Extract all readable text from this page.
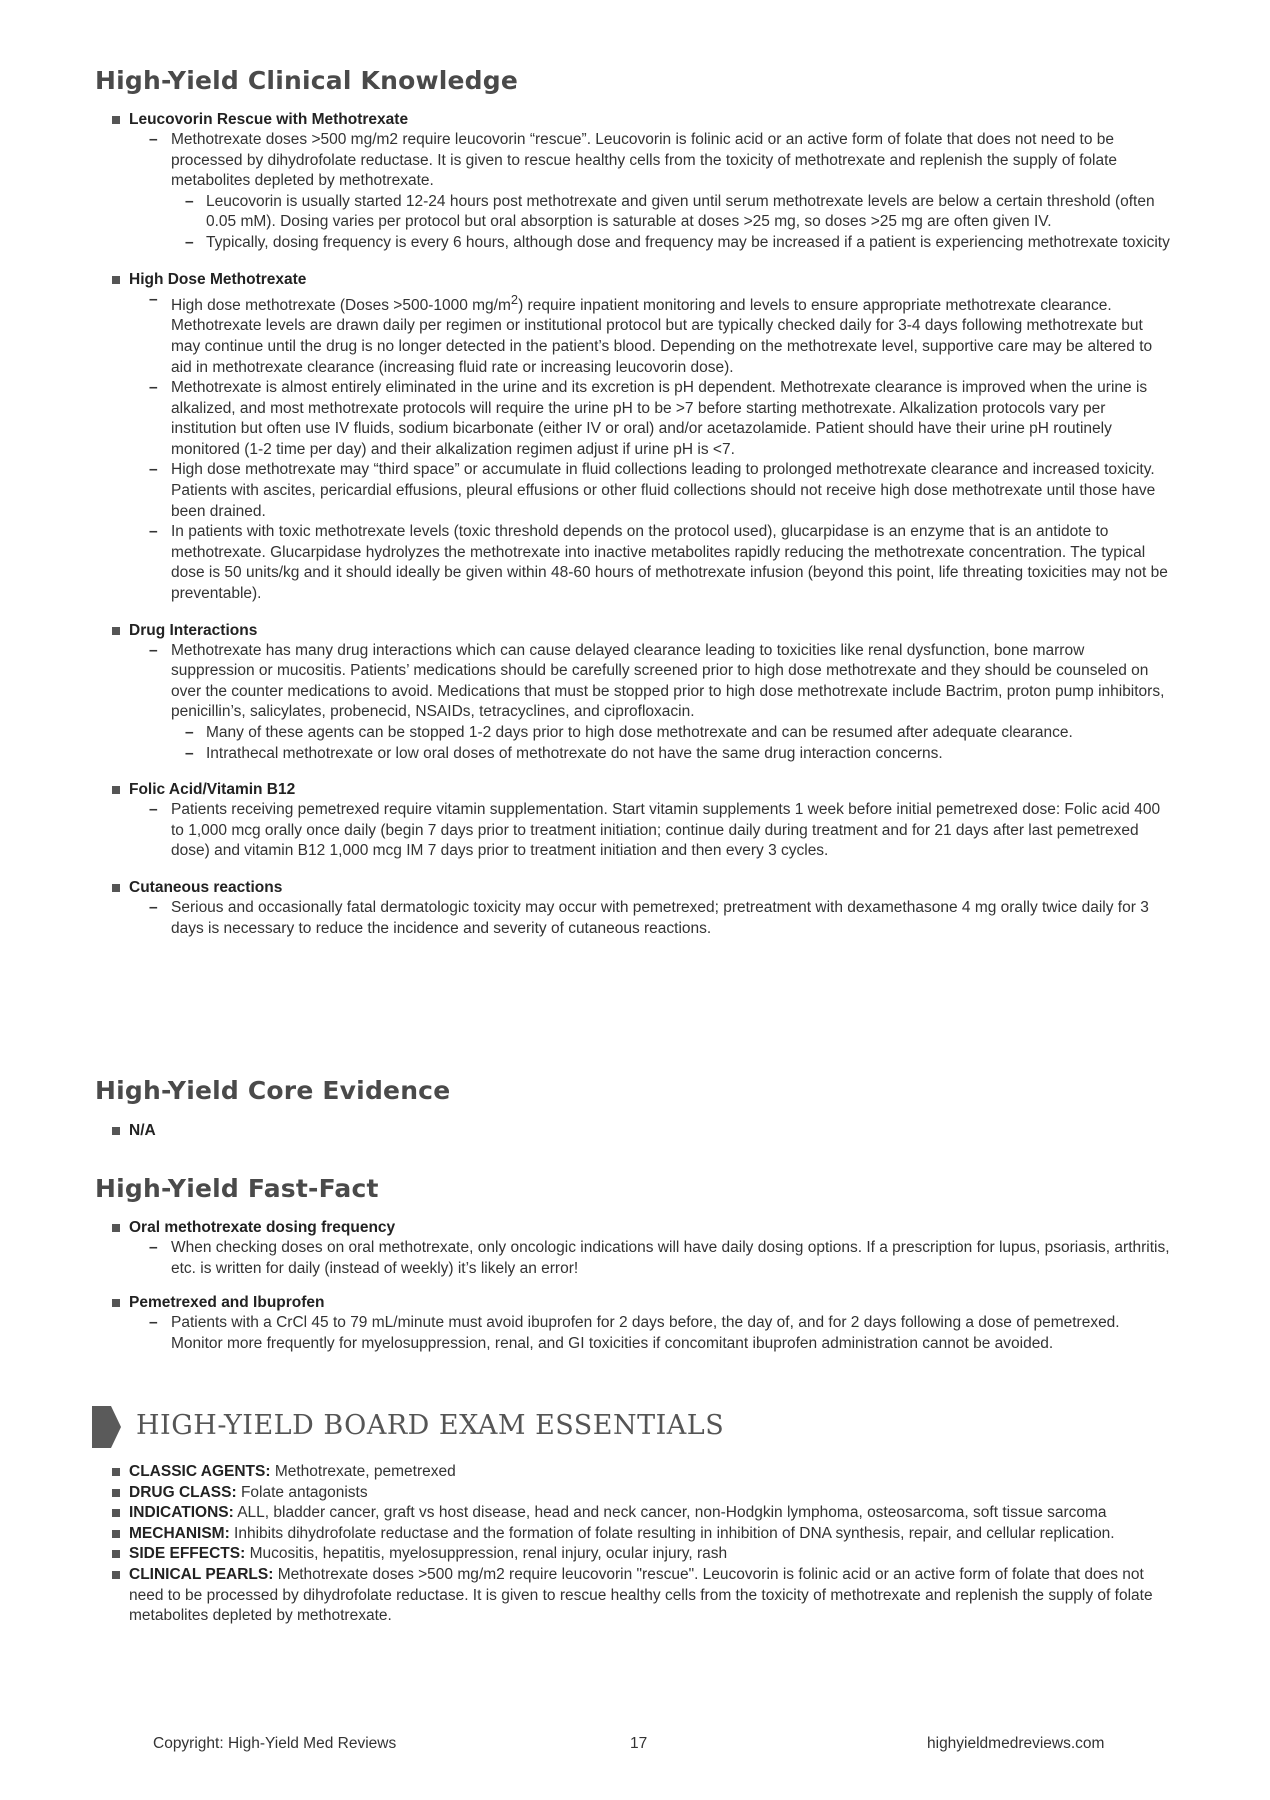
High-Yield Clinical Knowledge
Leucovorin Rescue with Methotrexate
– Methotrexate doses >500 mg/m2 require leucovorin “rescue”. Leucovorin is folinic acid or an active form of folate that does not need to be processed by dihydrofolate reductase. It is given to rescue healthy cells from the toxicity of methotrexate and replenish the supply of folate metabolites depleted by methotrexate.
– Leucovorin is usually started 12-24 hours post methotrexate and given until serum methotrexate levels are below a certain threshold (often 0.05 mM). Dosing varies per protocol but oral absorption is saturable at doses >25 mg, so doses >25 mg are often given IV.
– Typically, dosing frequency is every 6 hours, although dose and frequency may be increased if a patient is experiencing methotrexate toxicity
High Dose Methotrexate
– High dose methotrexate (Doses >500-1000 $mg/m^2$) require inpatient monitoring and levels to ensure appropriate methotrexate clearance. Methotrexate levels are drawn daily per regimen or institutional protocol but are typically checked daily for 3-4 days following methotrexate but may continue until the drug is no longer detected in the patient’s blood. Depending on the methotrexate level, supportive care may be altered to aid in methotrexate clearance (increasing fluid rate or increasing leucovorin dose).
– Methotrexate is almost entirely eliminated in the urine and its excretion is pH dependent. Methotrexate clearance is improved when the urine is alkalized, and most methotrexate protocols will require the urine pH to be >7 before starting methotrexate. Alkalization protocols vary per institution but often use IV fluids, sodium bicarbonate (either IV or oral) and/or acetazolamide. Patient should have their urine pH routinely monitored (1-2 time per day) and their alkalization regimen adjust if urine pH is <7.
– High dose methotrexate may “third space” or accumulate in fluid collections leading to prolonged methotrexate clearance and increased toxicity. Patients with ascites, pericardial effusions, pleural effusions or other fluid collections should not receive high dose methotrexate until those have been drained.
– In patients with toxic methotrexate levels (toxic threshold depends on the protocol used), glucarpidase is an enzyme that is an antidote to methotrexate. Glucarpidase hydrolyzes the methotrexate into inactive metabolites rapidly reducing the methotrexate concentration. The typical dose is 50 units/kg and it should ideally be given within 48-60 hours of methotrexate infusion (beyond this point, life threating toxicities may not be preventable).
Drug Interactions
– Methotrexate has many drug interactions which can cause delayed clearance leading to toxicities like renal dysfunction, bone marrow suppression or mucositis. Patients’ medications should be carefully screened prior to high dose methotrexate and they should be counseled on over the counter medications to avoid. Medications that must be stopped prior to high dose methotrexate include Bactrim, proton pump inhibitors, penicillin’s, salicylates, probenecid, NSAIDs, tetracyclines, and ciprofloxacin.
– Many of these agents can be stopped 1-2 days prior to high dose methotrexate and can be resumed after adequate clearance.
– Intrathecal methotrexate or low oral doses of methotrexate do not have the same drug interaction concerns.
Folic Acid/Vitamin B12
– Patients receiving pemetrexed require vitamin supplementation. Start vitamin supplements 1 week before initial pemetrexed dose: Folic acid 400 to 1,000 mcg orally once daily (begin 7 days prior to treatment initiation; continue daily during treatment and for 21 days after last pemetrexed dose) and vitamin B12 1,000 mcg IM 7 days prior to treatment initiation and then every 3 cycles.
Cutaneous reactions
– Serious and occasionally fatal dermatologic toxicity may occur with pemetrexed; pretreatment with dexamethasone 4 mg orally twice daily for 3 days is necessary to reduce the incidence and severity of cutaneous reactions.
High-Yield Core Evidence
N/A
High-Yield Fast-Fact
Oral methotrexate dosing frequency
– When checking doses on oral methotrexate, only oncologic indications will have daily dosing options. If a prescription for lupus, psoriasis, arthritis, etc. is written for daily (instead of weekly) it’s likely an error!
Pemetrexed and Ibuprofen
– Patients with a CrCl 45 to 79 mL/minute must avoid ibuprofen for 2 days before, the day of, and for 2 days following a dose of pemetrexed. Monitor more frequently for myelosuppression, renal, and GI toxicities if concomitant ibuprofen administration cannot be avoided.
HIGH-YIELD BOARD EXAM ESSENTIALS
CLASSIC AGENTS: Methotrexate, pemetrexed
DRUG CLASS: Folate antagonists
INDICATIONS: ALL, bladder cancer, graft vs host disease, head and neck cancer, non-Hodgkin lymphoma, osteosarcoma, soft tissue sarcoma
MECHANISM: Inhibits dihydrofolate reductase and the formation of folate resulting in inhibition of DNA synthesis, repair, and cellular replication.
SIDE EFFECTS: Mucositis, hepatitis, myelosuppression, renal injury, ocular injury, rash
CLINICAL PEARLS: Methotrexate doses >500 mg/m2 require leucovorin "rescue". Leucovorin is folinic acid or an active form of folate that does not need to be processed by dihydrofolate reductase. It is given to rescue healthy cells from the toxicity of methotrexate and replenish the supply of folate metabolites depleted by methotrexate.
Copyright: High-Yield Med Reviews	17	highyieldmedreviews.com
